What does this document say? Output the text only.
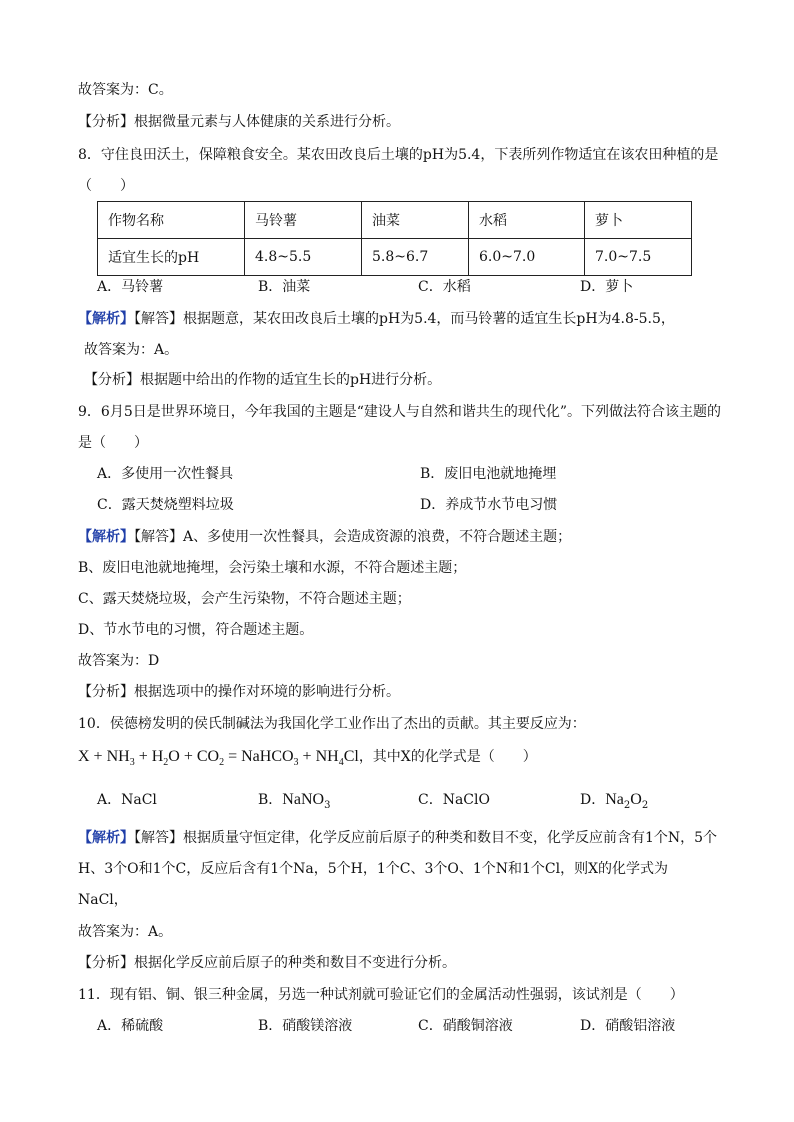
故答案为：C。
【分析】根据微量元素与人体健康的关系进行分析。
8．守住良田沃土，保障粮食安全。某农田改良后土壤的pH为5.4，下表所列作物适宜在该农田种植的是
（　　）
作物名称	马铃薯	油菜	水稻	萝卜
适宜生长的pH	4.8~5.5	5.8~6.7	6.0~7.0	7.0~7.5
A．马铃薯	B．油菜	C．水稻	D．萝卜
【解析】【解答】根据题意，某农田改良后土壤的pH为5.4，而马铃薯的适宜生长pH为4.8-5.5，
故答案为：A。
【分析】根据题中给出的作物的适宜生长的pH进行分析。
9．6月5日是世界环境日，今年我国的主题是“建设人与自然和谐共生的现代化”。下列做法符合该主题的
是（　　）
A．多使用一次性餐具	B．废旧电池就地掩埋
C．露天焚烧塑料垃圾	D．养成节水节电习惯
【解析】【解答】A、多使用一次性餐具，会造成资源的浪费，不符合题述主题；
B、废旧电池就地掩埋，会污染土壤和水源，不符合题述主题；
C、露天焚烧垃圾，会产生污染物，不符合题述主题；
D、节水节电的习惯，符合题述主题。
故答案为：D
【分析】根据选项中的操作对环境的影响进行分析。
10．侯德榜发明的侯氏制碱法为我国化学工业作出了杰出的贡献。其主要反应为：
$X + NH_3 + H_2O + CO_2$ = NaHCO$_3$ + $NH_4Cl$，其中X的化学式是（　　）
A．NaCl	B．NaNO$_3$	C．NaClO	D．$Na_2O_2$
【解析】【解答】根据质量守恒定律，化学反应前后原子的种类和数目不变，化学反应前含有1个N，5个
H、3个O和1个C，反应后含有1个Na，5个H，1个C、3个O、1个N和1个Cl，则X的化学式为
NaCl，
故答案为：A。
【分析】根据化学反应前后原子的种类和数目不变进行分析。
11．现有铝、铜、银三种金属，另选一种试剂就可验证它们的金属活动性强弱，该试剂是（　　）
A．稀硫酸	B．硝酸镁溶液	C．硝酸铜溶液	D．硝酸铝溶液
